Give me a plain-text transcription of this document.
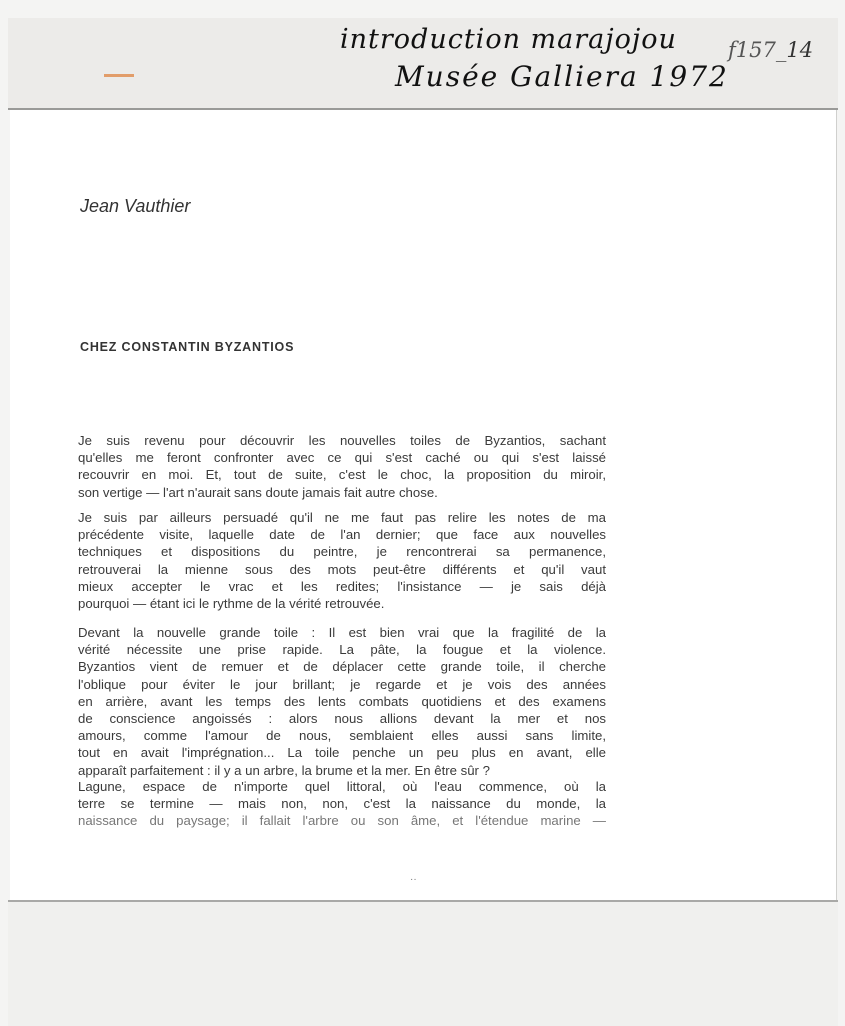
introduction marajojou
Musée Galliera 1972
f157_14
Jean Vauthier
CHEZ CONSTANTIN BYZANTIOS
Je suis revenu pour découvrir les nouvelles toiles de Byzantios, sachant
qu'elles me feront confronter avec ce qui s'est caché ou qui s'est laissé
recouvrir en moi. Et, tout de suite, c'est le choc, la proposition du miroir,
son vertige — l'art n'aurait sans doute jamais fait autre chose.
Je suis par ailleurs persuadé qu'il ne me faut pas relire les notes de ma
précédente visite, laquelle date de l'an dernier; que face aux nouvelles
techniques et dispositions du peintre, je rencontrerai sa permanence,
retrouverai la mienne sous des mots peut-être différents et qu'il vaut
mieux accepter le vrac et les redites; l'insistance — je sais déjà
pourquoi — étant ici le rythme de la vérité retrouvée.
Devant la nouvelle grande toile : Il est bien vrai que la fragilité de la
vérité nécessite une prise rapide. La pâte, la fougue et la violence.
Byzantios vient de remuer et de déplacer cette grande toile, il cherche
l'oblique pour éviter le jour brillant; je regarde et je vois des années
en arrière, avant les temps des lents combats quotidiens et des examens
de conscience angoissés : alors nous allions devant la mer et nos
amours, comme l'amour de nous, semblaient elles aussi sans limite,
tout en avait l'imprégnation... La toile penche un peu plus en avant, elle
apparaît parfaitement : il y a un arbre, la brume et la mer. En être sûr ?
Lagune, espace de n'importe quel littoral, où l'eau commence, où la
terre se termine — mais non, non, c'est la naissance du monde, la
naissance du paysage; il fallait l'arbre ou son âme, et l'étendue marine —
··
